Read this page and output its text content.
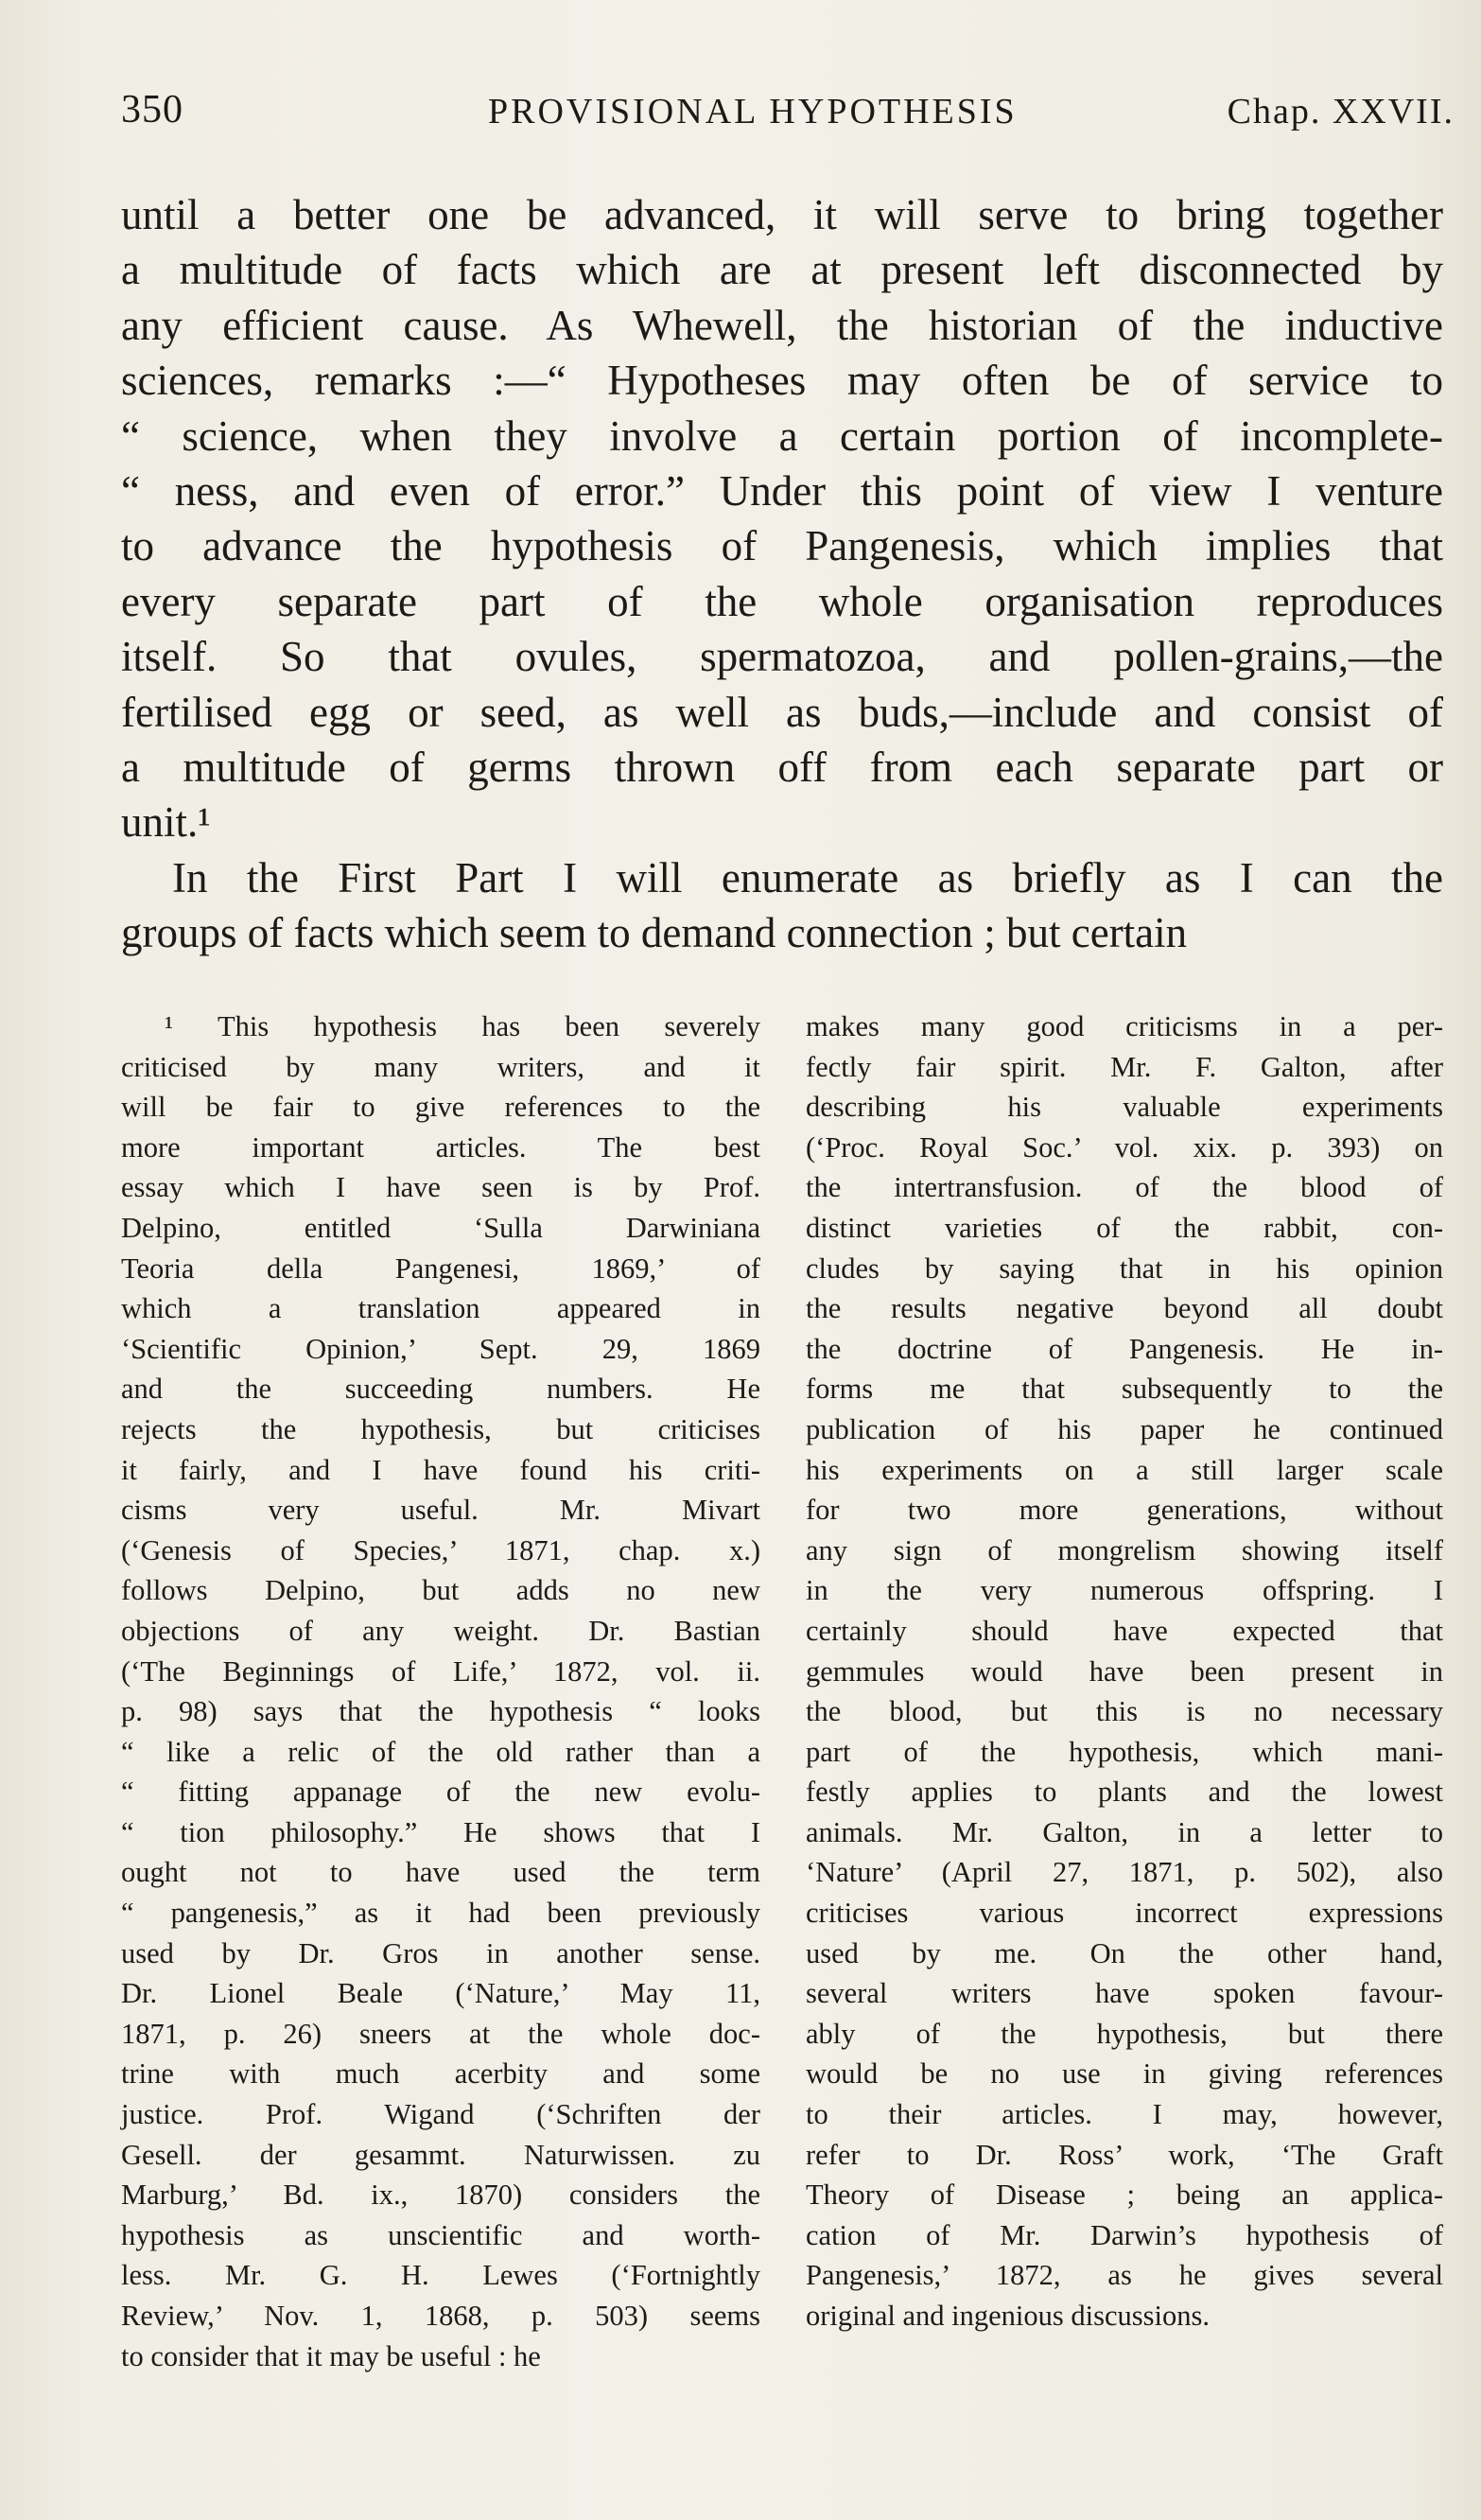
350	PROVISIONAL HYPOTHESIS	Chap. XXVII.
until a better one be advanced, it will serve to bring together
a multitude of facts which are at present left disconnected by
any efficient cause. As Whewell, the historian of the inductive
sciences, remarks :—“ Hypotheses may often be of service to
“ science, when they involve a certain portion of incomplete-
“ ness, and even of error.” Under this point of view I venture
to advance the hypothesis of Pangenesis, which implies that
every separate part of the whole organisation reproduces
itself. So that ovules, spermatozoa, and pollen-grains,—the
fertilised egg or seed, as well as buds,—include and consist of
a multitude of germs thrown off from each separate part or
unit.¹
In the First Part I will enumerate as briefly as I can the
groups of facts which seem to demand connection ; but certain
¹ This hypothesis has been severely
criticised by many writers, and it
will be fair to give references to the
more important articles. The best
essay which I have seen is by Prof.
Delpino, entitled ‘Sulla Darwiniana
Teoria della Pangenesi, 1869,’ of
which a translation appeared in
‘Scientific Opinion,’ Sept. 29, 1869
and the succeeding numbers. He
rejects the hypothesis, but criticises
it fairly, and I have found his criti-
cisms very useful. Mr. Mivart
(‘Genesis of Species,’ 1871, chap. x.)
follows Delpino, but adds no new
objections of any weight. Dr. Bastian
(‘The Beginnings of Life,’ 1872, vol. ii.
p. 98) says that the hypothesis “ looks
“ like a relic of the old rather than a
“ fitting appanage of the new evolu-
“ tion philosophy.” He shows that I
ought not to have used the term
“ pangenesis,” as it had been previously
used by Dr. Gros in another sense.
Dr. Lionel Beale (‘Nature,’ May 11,
1871, p. 26) sneers at the whole doc-
trine with much acerbity and some
justice. Prof. Wigand (‘Schriften der
Gesell. der gesammt. Naturwissen. zu
Marburg,’ Bd. ix., 1870) considers the
hypothesis as unscientific and worth-
less. Mr. G. H. Lewes (‘Fortnightly
Review,’ Nov. 1, 1868, p. 503) seems
to consider that it may be useful : he
makes many good criticisms in a per-
fectly fair spirit. Mr. F. Galton, after
describing his valuable experiments
(‘Proc. Royal Soc.’ vol. xix. p. 393) on
the intertransfusion. of the blood of
distinct varieties of the rabbit, con-
cludes by saying that in his opinion
the results negative beyond all doubt
the doctrine of Pangenesis. He in-
forms me that subsequently to the
publication of his paper he continued
his experiments on a still larger scale
for two more generations, without
any sign of mongrelism showing itself
in the very numerous offspring. I
certainly should have expected that
gemmules would have been present in
the blood, but this is no necessary
part of the hypothesis, which mani-
festly applies to plants and the lowest
animals. Mr. Galton, in a letter to
‘Nature’ (April 27, 1871, p. 502), also
criticises various incorrect expressions
used by me. On the other hand,
several writers have spoken favour-
ably of the hypothesis, but there
would be no use in giving references
to their articles. I may, however,
refer to Dr. Ross’ work, ‘The Graft
Theory of Disease ; being an applica-
cation of Mr. Darwin’s hypothesis of
Pangenesis,’ 1872, as he gives several
original and ingenious discussions.
